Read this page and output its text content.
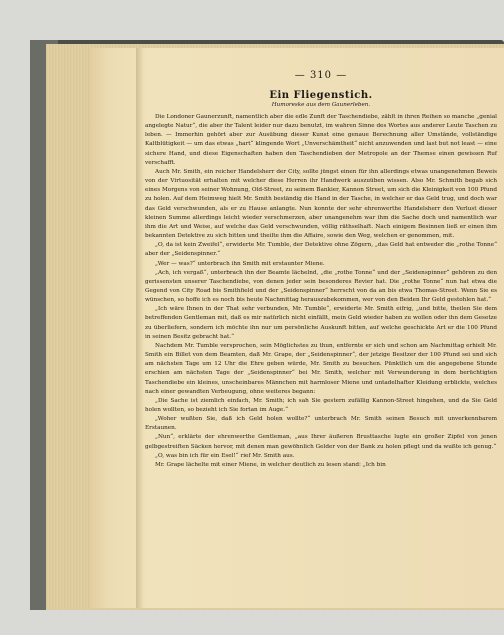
— 310 —
Ein Fliegenstich.
Humoreske aus dem Gaunerleben.

Die Londoner Gaunerzunft, namentlich aber die edle Zunft der Taschendiebe, zählt in ihren Reihen so manche „genial angelegte Natur“, die aber ihr Talent leider nur dazu benutzt, im wahren Sinne des Wortes aus anderer Leute Taschen zu leben. — Immerhin gehört aber zur Ausübung dieser Kunst eine genaue Berechnung aller Umstände, vollständige Kaltblütigkeit — um das etwas „hart“ klingende Wort „Unverschämtheit“ nicht anzuwenden und last but not least — eine sichere Hand, und diese Eigenschaften haben den Taschendieben der Metropole an der Themse einen gewissen Ruf verschafft.

Auch Mr. Smith, ein reicher Handelsherr der City, sollte jüngst einen für ihn allerdings etwas unangenehmen Beweis von der Virtuosität erhalten mit welcher diese Herren ihr Handwerk auszuüben wissen. Also Mr. Schmith begab sich eines Morgens von seiner Wohnung, Old-Street, zu seinem Bankier, Kannon Street, um sich die Kleinigkeit von 100 Pfund zu holen. Auf dem Heimweg hielt Mr. Smith beständig die Hand in der Tasche, in welcher er das Geld trug, und doch war das Geld verschwunden, als er zu Hause anlangte. Nun konnte der sehr ehrenwerthe Handelsherr den Verlust dieser kleinen Summe allerdings leicht wieder verschmerzen, aber unangenehm war ihm die Sache doch und namentlich war ihm die Art und Weise, auf welche das Geld verschwunden, völlig räthselhaft. Nach einigem Besinnen ließ er einen ihm bekannten Detektive zu sich bitten und theilte ihm die Affaire, sowie den Weg, welchen er genommen, mit.

„O, da ist kein Zweifel“, erwiderte Mr. Tumble, der Detektive ohne Zögern, „das Geld hat entweder die „rothe Tonne“ aber der „Seidenspinner.“

„Wer — was?“ unterbrach ihn Smith mit erstaunter Miene.

„Ach, ich vergaß“, unterbrach ihn der Beamte lächelnd, „die „rothe Tonne“ und der „Seidenspinner“ gehören zu den gerissensten unserer Taschendiebe, von denen jeder sein besonderes Revier hat. Die „rothe Tonne“ nun hat etwa die Gegend von City Road bis Smithfield und der „Seidenspinner“ herrscht von da an bis etwa Thomas-Street. Wenn Sie es wünschen, so hoffe ich es noch bis heute Nachmittag herauszubekommen, wer von den Beiden Ihr Geld gestohlen hat.“

„Ich wäre Ihnen in der That sehr verbunden, Mr. Tumble“, erwiderte Mr. Smith eifrig, „und bitte, theilen Sie dem betreffenden Gentleman mit, daß es mir natürlich nicht einfällt, mein Geld wieder haben zu wollen oder ihn dem Gesetze zu überliefern, sondern ich möchte ihn nur um persönliche Auskunft bitten, auf welche geschickte Art er die 100 Pfund in seinen Besitz gebracht hat.“

Nachdem Mr. Tumble versprochen, sein Möglichstes zu thun, entfernte er sich und schon am Nachmittag erhielt Mr. Smith ein Billet von dem Beamten, daß Mr. Grape, der „Seidenspinner“, der jetzige Besitzer der 100 Pfund sei und sich am nächsten Tage um 12 Uhr die Ehre geben würde, Mr. Smith zu besuchen. Pünktlich um die angegebene Stunde erschien am nächsten Tage der „Seidenspinner“ bei Mr. Smith, welcher mit Verwunderung in dem berüchtigten Taschendiebe ein kleines, unscheinbares Männchen mit harmloser Miene und untadelhafter Kleidung erblickte, welches nach einer gewandten Verbeugung, ohne weiteres begann:

„Die Sache ist ziemlich einfach, Mr. Smith; ich sah Sie gestern zufällig Kannon-Street hingehen, und da Sie Geld holen wollten, so bezieht ich Sie fortan im Auge.“

„Woher wußten Sie, daß ich Geld holen wollte?“ unterbrach Mr. Smith seinen Besuch mit unverkennbarem Erstaunen.

„Nun“, erklärte der ehrenwerthe Gentleman, „aus Ihrer äußeren Brusttasche lugte ein großer Zipfel von jenen gelbgestreiften Säcken hervor, mit denen man gewöhnlich Gelder von der Bank zu holen pflegt und da wußte ich genug.“

„O, was bin ich für ein Esel!“ rief Mr. Smith aus.

Mr. Grape lächelte mit einer Miene, in welcher deutlich zu lesen stand: „Ich bin
